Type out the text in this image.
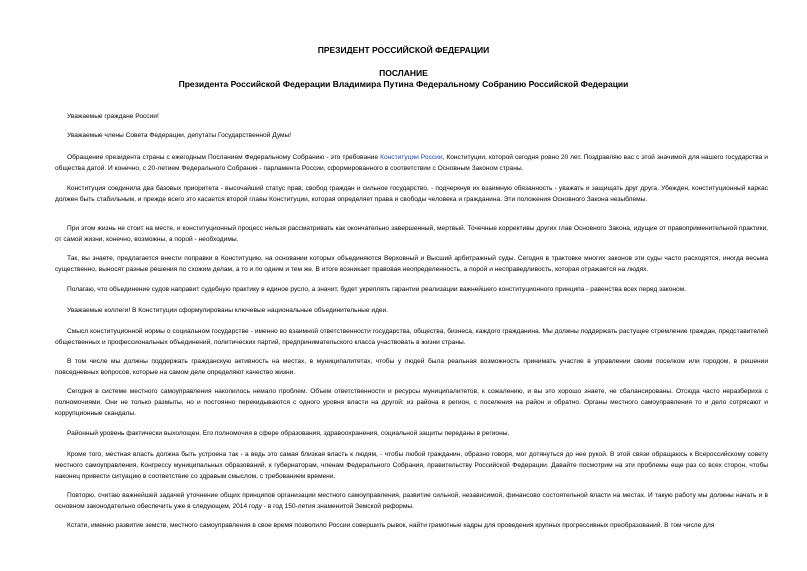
ПРЕЗИДЕНТ РОССИЙСКОЙ ФЕДЕРАЦИИ
ПОСЛАНИЕ
Президента Российской Федерации Владимира Путина Федеральному Собранию Российской Федерации
Уважаемые граждане России!
Уважаемые члены Совета Федерации, депутаты Государственной Думы!
Обращение президента страны с ежегодным Посланием Федеральному Собранию - это требование Конституции России, Конституции, которой сегодня ровно 20 лет. Поздравляю вас с этой значимой для нашего государства и общества датой. И конечно, с 20-летием Федерального Собрания - парламента России, сформированного в соответствии с Основным Законом страны.
Конституция соединила два базовых приоритета - высочайший статус прав, свобод граждан и сильное государство, - подчеркнув их взаимную обязанность - уважать и защищать друг друга. Убежден, конституционный каркас должен быть стабильным, и прежде всего это касается второй главы Конституции, которая определяет права и свободы человека и гражданина. Эти положения Основного Закона незыблемы.
При этом жизнь не стоит на месте, и конституционный процесс нельзя рассматривать как окончательно завершенный, мертвый. Точечные коррективы других глав Основного Закона, идущие от правоприменительной практики, от самой жизни, конечно, возможны, а порой - необходимы.
Так, вы знаете, предлагается внести поправки в Конституцию, на основании которых объединяются Верховный и Высший арбитражный суды. Сегодня в трактовке многих законов эти суды часто расходятся, иногда весьма существенно, выносят разные решения по схожим делам, а то и по одним и тем же. В итоге возникает правовая неопределенность, а порой и несправедливость, которая отражается на людях.
Полагаю, что объединение судов направит судебную практику в единое русло, а значит, будет укреплять гарантии реализации важнейшего конституционного принципа - равенства всех перед законом.
Уважаемые коллеги! В Конституции сформулированы ключевые национальные объединительные идеи.
Смысл конституционной нормы о социальном государстве - именно во взаимной ответственности государства, общества, бизнеса, каждого гражданина. Мы должны поддержать растущее стремление граждан, представителей общественных и профессиональных объединений, политических партий, предпринимательского класса участвовать в жизни страны.
В том числе мы должны поддержать гражданскую активность на местах, в муниципалитетах, чтобы у людей была реальная возможность принимать участие в управлении своим поселком или городом, в решении повседневных вопросов, которые на самом деле определяют качество жизни.
Сегодня в системе местного самоуправления накопилось немало проблем. Объем ответственности и ресурсы муниципалитетов, к сожалению, и вы это хорошо знаете, не сбалансированы. Отсюда часто неразбериха с полномочиями. Они не только размыты, но и постоянно перекидываются с одного уровня власти на другой: из района в регион, с поселения на район и обратно. Органы местного самоуправления то и дело сотрясают и коррупционные скандалы.
Районный уровень фактически выхолощен. Его полномочия в сфере образования, здравоохранения, социальной защиты переданы в регионы.
Кроме того, местная власть должна быть устроена так - а ведь это самая близкая власть к людям, - чтобы любой гражданин, образно говоря, мог дотянуться до нее рукой. В этой связи обращаюсь к Всероссийскому совету местного самоуправления, Конгрессу муниципальных образований, к губернаторам, членам Федерального Собрания, правительству Российской Федерации. Давайте посмотрим на эти проблемы еще раз со всех сторон, чтобы наконец привести ситуацию в соответствие со здравым смыслом, с требованием времени.
Повторю, считаю важнейшей задачей уточнение общих принципов организации местного самоуправления, развитие сильной, независимой, финансово состоятельной власти на местах. И такую работу мы должны начать и в основном законодательно обеспечить уже в следующем, 2014 году - в год 150-летия знаменитой Земской реформы.
Кстати, именно развитие земств, местного самоуправления в свое время позволило России совершить рывок, найти грамотные кадры для проведения крупных прогрессивных преобразований. В том числе для
